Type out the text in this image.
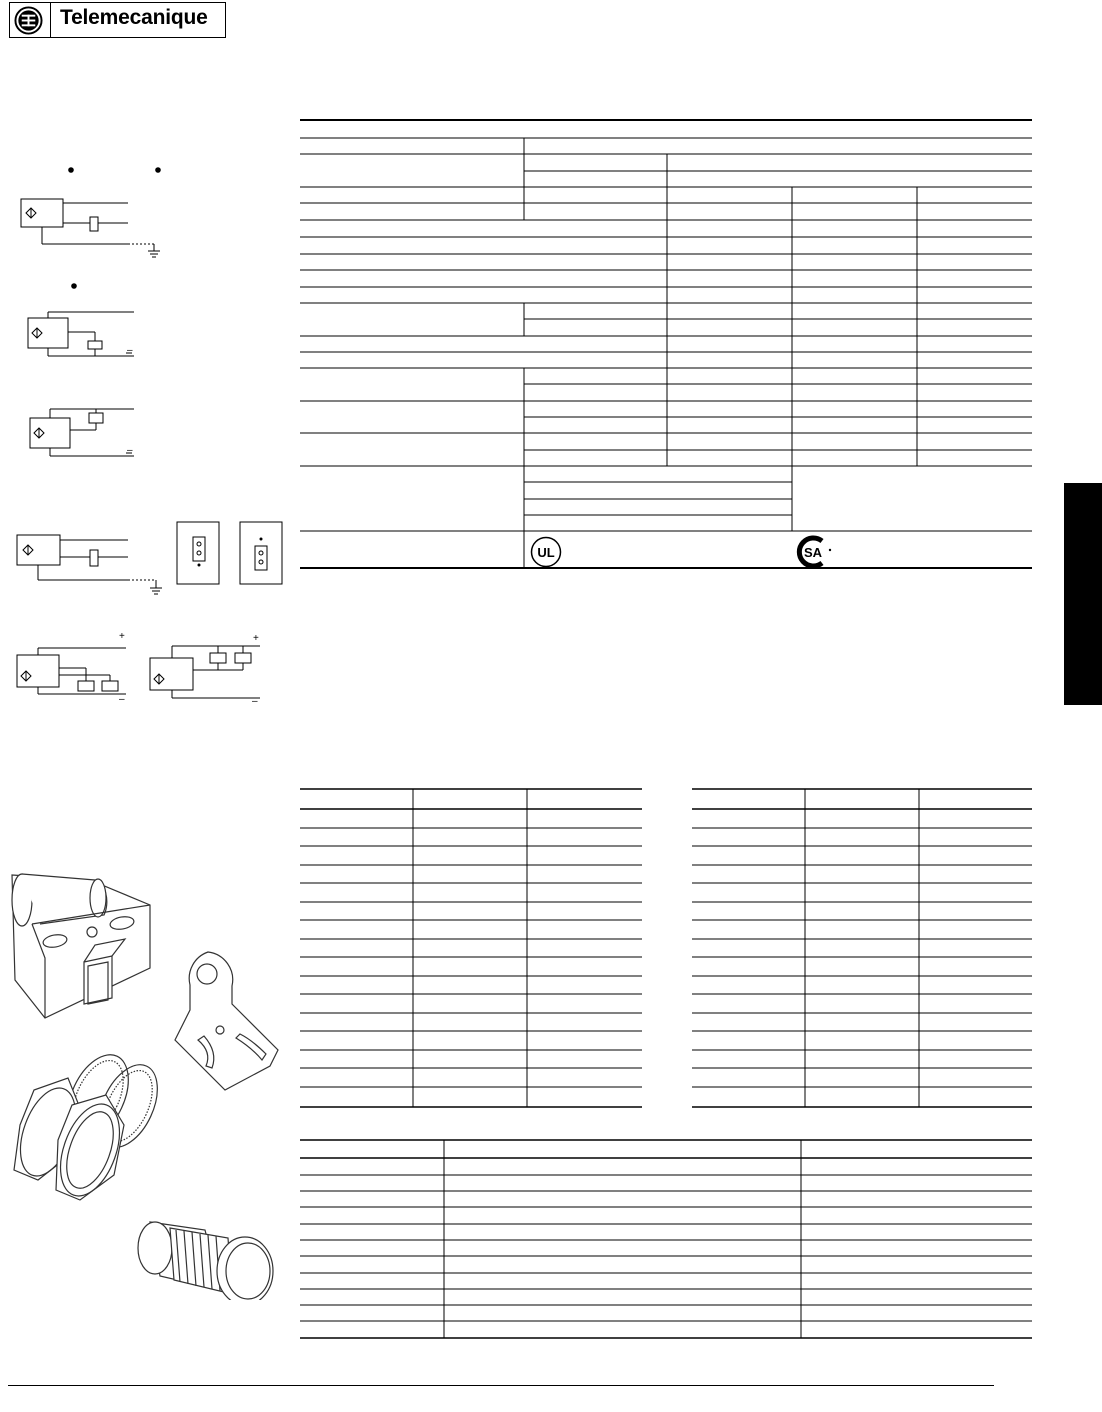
Telemecanique
–
–
+
–
+
–
UL	SA
